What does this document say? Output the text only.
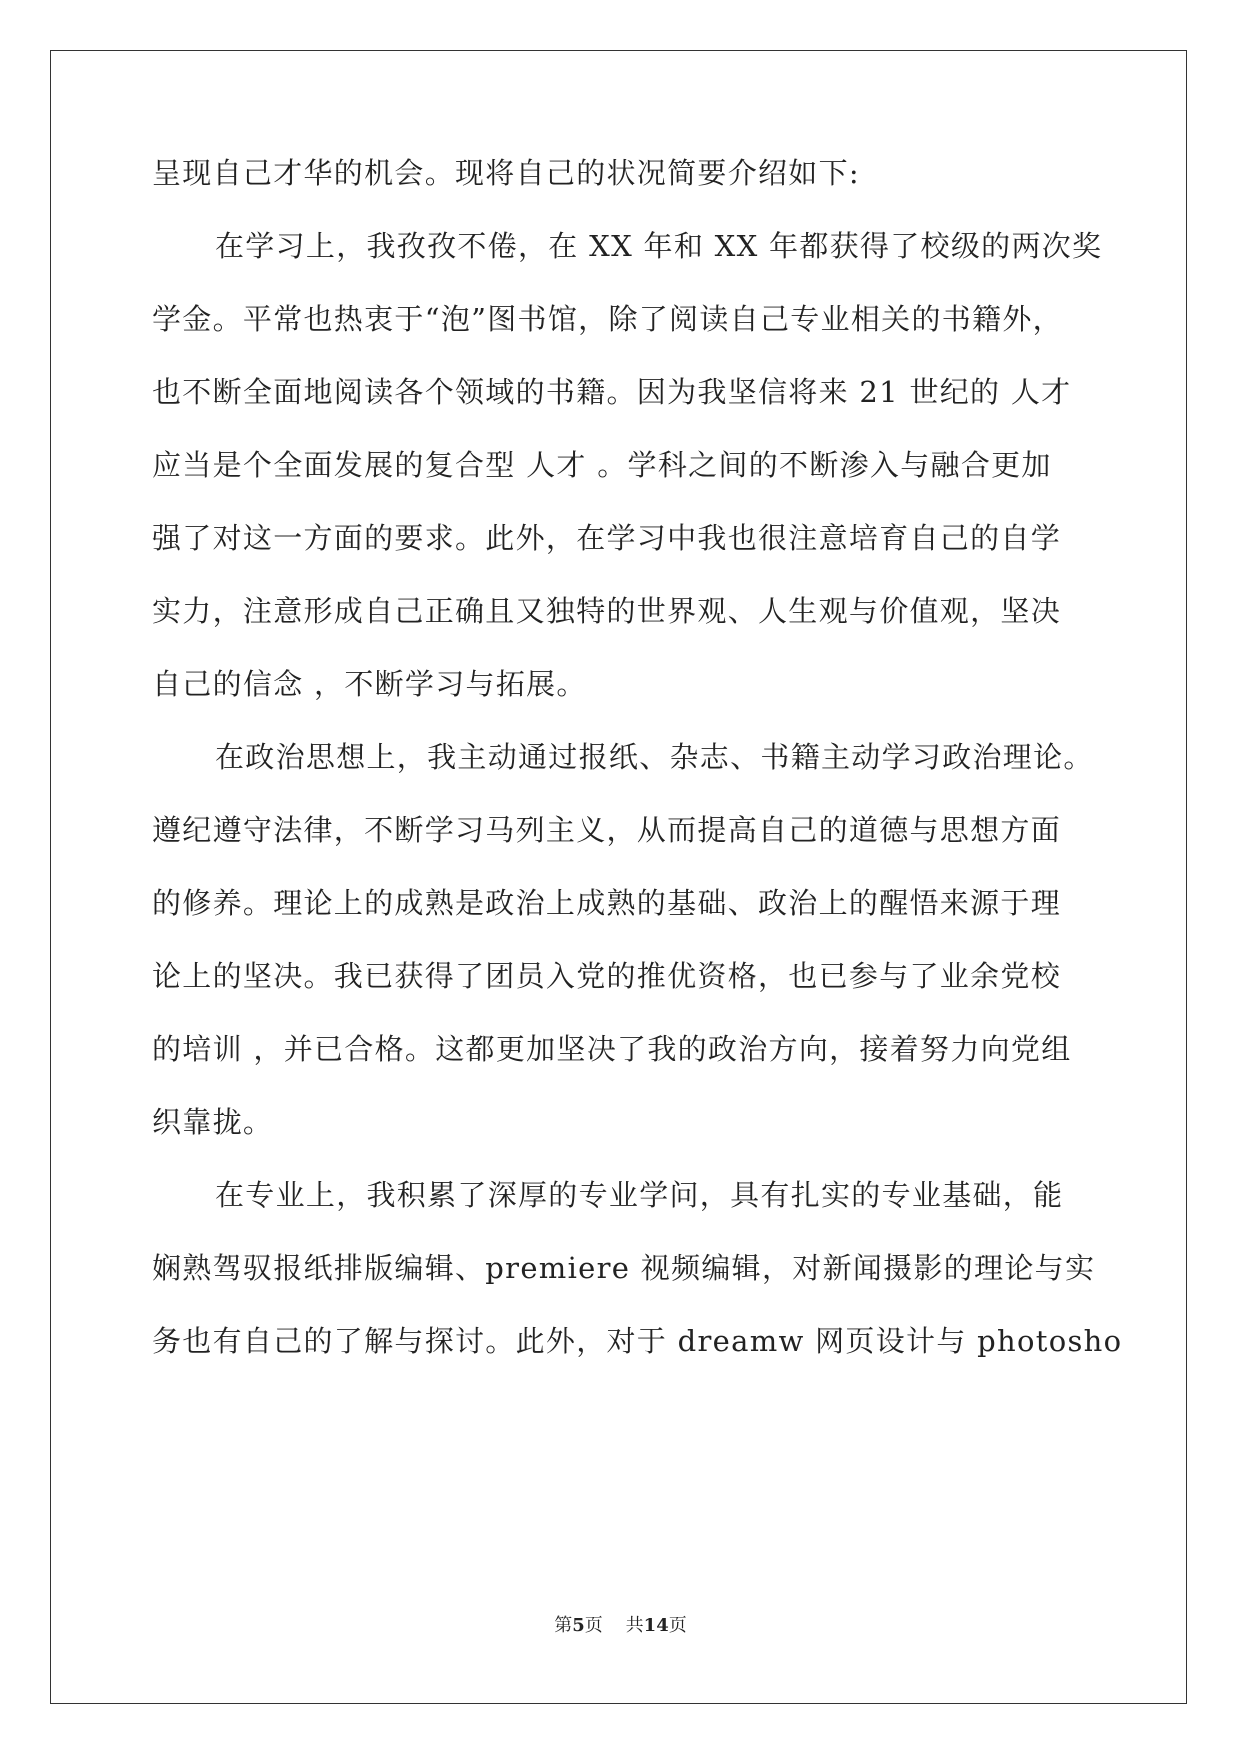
呈现自己才华的机会。现将自己的状况简要介绍如下:
在学习上，我孜孜不倦，在 XX 年和 XX 年都获得了校级的两次奖
学金。平常也热衷于“泡”图书馆，除了阅读自己专业相关的书籍外，
也不断全面地阅读各个领域的书籍。因为我坚信将来 21 世纪的 人才
应当是个全面发展的复合型 人才 。学科之间的不断渗入与融合更加
强了对这一方面的要求。此外，在学习中我也很注意培育自己的自学
实力，注意形成自己正确且又独特的世界观、人生观与价值观，坚决
自己的信念 ，不断学习与拓展。
在政治思想上，我主动通过报纸、杂志、书籍主动学习政治理论。
遵纪遵守法律，不断学习马列主义，从而提高自己的道德与思想方面
的修养。理论上的成熟是政治上成熟的基础、政治上的醒悟来源于理
论上的坚决。我已获得了团员入党的推优资格，也已参与了业余党校
的培训 ，并已合格。这都更加坚决了我的政治方向，接着努力向党组
织靠拢。
在专业上，我积累了深厚的专业学问，具有扎实的专业基础，能
娴熟驾驭报纸排版编辑、premiere 视频编辑，对新闻摄影的理论与实
务也有自己的了解与探讨。此外，对于 dreamw 网页设计与 photosho
第5页 共14页
